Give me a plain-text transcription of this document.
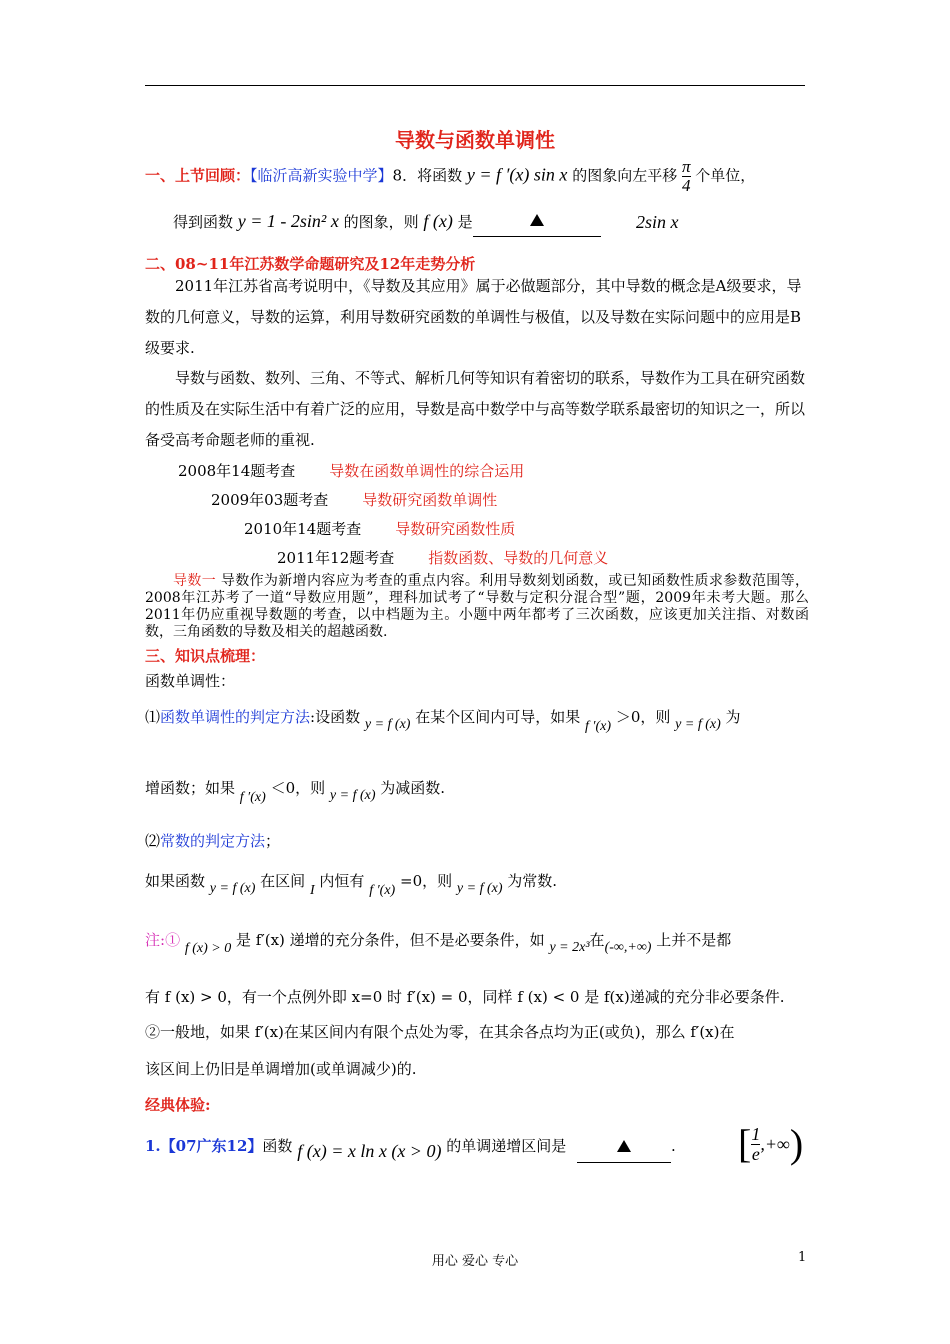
导数与函数单调性
一、上节回顾：【临沂高新实验中学】8．将函数 y = f ′(x) sin x 的图象向左平移 $\frac{\pi}{4}$ 个单位，
得到函数 y = 1 - 2sin² x 的图象，则 f (x) 是	2sin x
二、08~11年江苏数学命题研究及12年走势分析
2011年江苏省高考说明中，《导数及其应用》属于必做题部分，其中导数的概念是A级要求，导数的几何意义，导数的运算，利用导数研究函数的单调性与极值，以及导数在实际问题中的应用是B级要求.
导数与函数、数列、三角、不等式、解析几何等知识有着密切的联系，导数作为工具在研究函数的性质及在实际生活中有着广泛的应用，导数是高中数学中与高等数学联系最密切的知识之一，所以备受高考命题老师的重视.
2008年14题考查 导数在函数单调性的综合运用
2009年03题考查 导数研究函数单调性
2010年14题考查 导数研究函数性质
2011年12题考查 指数函数、导数的几何意义
导数一 导数作为新增内容应为考查的重点内容。利用导数刻划函数，或已知函数性质求参数范围等，2008年江苏考了一道“导数应用题”，理科加试考了“导数与定积分混合型”题，2009年未考大题。那么2011年仍应重视导数题的考查，以中档题为主。小题中两年都考了三次函数，应该更加关注指、对数函数，三角函数的导数及相关的超越函数.
三、知识点梳理：
函数单调性：
⑴函数单调性的判定方法:设函数 y = f (x) 在某个区间内可导，如果 f ′(x) ＞0，则 y = f (x) 为
增函数；如果 f ′(x) ＜0，则 y = f (x) 为减函数.
⑵常数的判定方法；
如果函数 y = f (x) 在区间 I 内恒有 f ′(x) =0，则 y = f (x) 为常数.
注:① f (x) > 0 是 f′(x) 递增的充分条件，但不是必要条件，如 y = 2x³在(-∞,+∞) 上并不是都
有 f (x) > 0，有一个点例外即 x=0 时 f′(x) = 0，同样 f (x) < 0 是 f(x)递减的充分非必要条件.
②一般地，如果 f′(x)在某区间内有限个点处为零，在其余各点均为正(或负)，那么 f′(x)在
该区间上仍旧是单调增加(或单调减少)的.
经典体验:
1.【07广东12】函数 f (x) = x ln x (x > 0) 的单调递增区间是	. [ $\frac{1}{e}$ ,+∞ )
用心 爱心 专心	1
